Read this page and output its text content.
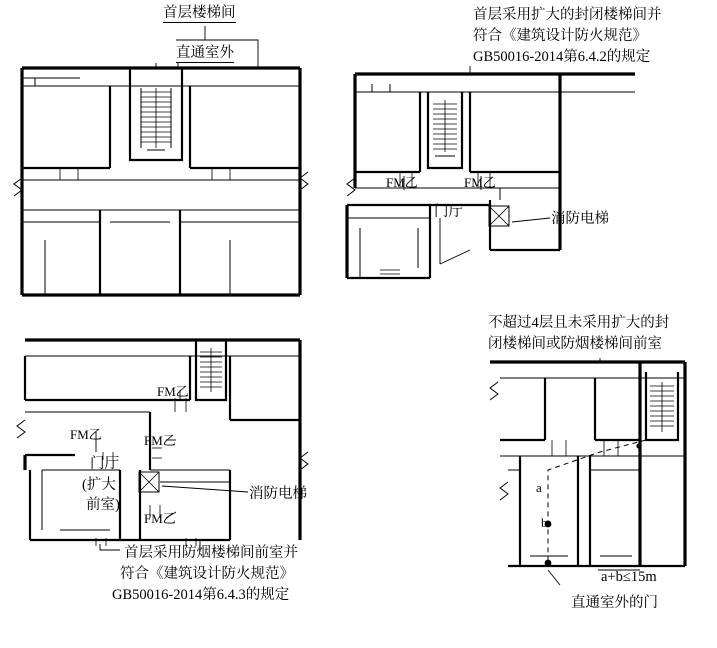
首层楼梯间
直通室外
首层采用扩大的封闭楼梯间并
符合《建筑设计防火规范》
GB50016-2014第6.4.2的规定
FM乙	FM乙
门厅	消防电梯
FM乙
FM乙	FM乙
门厅
(扩大
前室)
FM乙
消防电梯
首层采用防烟楼梯间前室并
符合《建筑设计防火规范》
GB50016-2014第6.4.3的规定
不超过4层且未采用扩大的封
闭楼梯间或防烟楼梯间前室
a
b
a+b≤15m
直通室外的门
